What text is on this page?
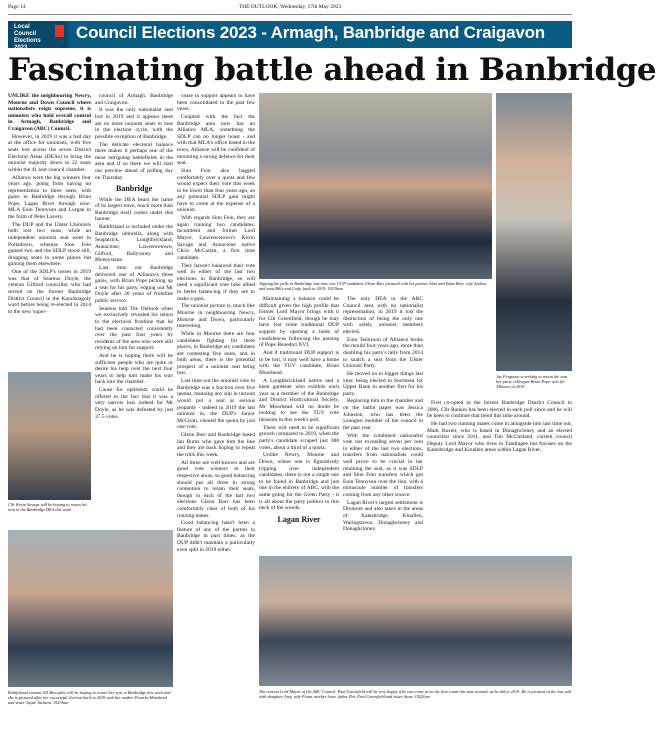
Page 14	THE OUTLOOK, Wednesday, 17th May 2023
Local
Council
Elections
2023
Council Elections 2023 - Armagh, Banbridge and Craigavon
Fascinating battle ahead in Banbridge

UNLIKE the neighbouring Newry, Mourne and Down Council where nationalists reign supreme, it is unionists who hold overall control in Armagh, Banbridge and Craigavon (ABC) Council.

However, in 2019 it was a bad day at the office for unionists, with five seats lost across the seven District Electoral Areas (DEAs) to bring the unionist majority down to 22 seats within the 41 seat council chamber.

Alliance were the big winners four years ago, going from having no representation to three seats, with gains in Banbridge through Brian Pope, Lagan River through now-MLA Eoin Tennyson and Lurgan in the form of Peter Lavery.

The DUP and the Ulster Unionists both lost two seats, while an independent unionist seat went in Portadown, whereas Sinn Fein gained two and the SDLP stood still, dropping seats in some places but gaining them elsewhere.

One of the SDLP's losses in 2019 was that of Seamus Doyle, the veteran Gilford councillor who had served on the former Banbridge District Council in the Knocknagoly ward before being re-elected in 2014 to the new 'super-

Cllr Kevin Savage will be hoping to retain his seat in the Banbridge DEA this week

council of Armagh, Banbridge and Craigavon.

It was the only nationalist seat lost in 2019 and it appears there are no more unionist seats to lose in the election cycle, with the possible exception of Banbridge.

The delicate electoral balance there makes it perhaps one of the most intriguing battlefields in the area and if so there we will start our preview ahead of polling day on Thursday.

Banbridge

While the DEA bears the name of its largest town, much more than Banbridge itself comes under this banner.

Rathfriland is included under the Banbridge umbrella, along with Seapatrick, Loughbrickland, Annaclone, Lawrencetown, Gilford, Ballyroney and Moneyslane.

Last time out Banbridge delivered one of Alliance's three gains, with Brian Pope picking up a seat for his party, edging out Mr Doyle after 30 years of frontline public service.

Seamus told The Outlook when we exclusively revealed his return to the electoral frontline that he had been contacted consistently over the past four years by residents of the area who were still relying on him for support.

And he is hoping there will be sufficient people who are quite or desire his help over the next four years to help him make his way back into the chamber.

Cause for optimism could be offered in the fact that it was a very narrow loss indeed for Mr Doyle, as he was defeated by just 37.5 votes.

Rathfriland woman Jill Macauley will be hoping to return her seat in Banbridge this week and she is pictured after her successful election back in 2019 with her mother Pamela Morehead and sister Jayne Jackson. 1923hsm

cease in support appears to have been consolidated in the past few years.

Coupled with the fact the Banbridge area now has an Alliance MLA, something the SDLP can no longer boast - and with that MLA's office based in the town, Alliance will be confident of mounting a strong defence for their seat.

Sinn Fein also bagged comfortably over a quota and few would expect their vote this week to be lower than four years ago, so any potential SDLP gain might have to come at the expense of a unionist.

With regards Sinn Fein, they are again running two candidates; incumbent and former Lord Mayor, Lawrencetown's Kevin Savage and Annaclone native Chris McCartan, a first time candidate.

They haven't balanced their vote well in either of the last two elections in Banbridge, so will need a significant vote hike allied to better balancing if they are to make a gain.

The unionist picture is, much like Mourne in neighbouring Newry, Mourne and Down, particularly interesting.

While in Mourne there are four candidates fighting for three places, in Banbridge six candidates are contesting five seats, and in both areas, there is the potential prospect of a unionist seat being lost.

Last time out the unionist vote in Banbridge was a fraction over five quotas, meaning any slip in turnout would put a seat at serious jeopardy - indeed in 2019 the last unionist in, the DUP's Junior McCrum, cleared the quota by just one vote.

Glenn Barr and Banbridge based Ian Burns who gave him the line and they are back hoping to repeat the trick this week.

All three are well-known and are good vote winners in their respective areas, so good balancing should put all three in strong contention to retain their seats, though in each of the last two elections Glenn Barr has been comfortably clear of both of his running mates.

Good balancing hasn't been a feature of any of the parties in Banbridge in past times, as the DUP didn't maintain a particularly even split in 2019 either.

Topping the polls in Banbridge last time was UUP candidate Glenn Barr pictured with his parents Alan and Edna Barr, wife Andrea and sons Billy and Cody, back in 2019. 1923hsm

Maintaining a balance could be difficult given the high profile that former Lord Mayor brings with it for Cllr Greenfield, though he may have lost some traditional DUP support by opening a book of condolences following the passing of Pope Benedict XVI.

And if traditional DUP support is to be lost, it may well have a home with the TUV candidate, Brian Moorhead.

A Loughbrickland native and a keen gardener who exhibits each year as a member of the Banbridge and District Horticultural Society, Mr Moorhead will no doubt be looking to see the TUV vote blossom in this week's poll.

There will need to be significant growth compared to 2019, when the party's candidate scraped just 388 votes, about a third of a quota.

Unlike Newry, Mourne and Down, where one is figuratively tripping over independent candidates, there is not a single one to be found in Banbridge and just one in the entirety of ABC, with the same going for the Green Party - it is all about the party politics in this neck of the woods.

Lagan River

The only DEA in the ABC Council area with no nationalist representation, in 2019 it lost the distinction of being the only one with solely unionist members elected.

Eoin Tennyson of Alliance broke the mould four years ago, more than doubling his party's tally from 2014 to snatch a seat from the Ulster Unionist Party.

He moved on to bigger things last year, being elected to Stormont for Upper Bann in another first for his party.

Replacing him in the chamber and on the ballot paper was Jessica Johnston, who has been the youngest member of the council in the past year.

With the combined nationalist vote not exceeding seven per cent in either of the last two elections, transfers from nationalists could well prove to be crucial in her retaining the seat, as it was SDLP and Sinn Fein transfers which got Eoin Tennyson over the line, with a minuscule number of transfers coming from any other source.

Lagan River's largest settlement is Dromore and also takes in the areas of Katesbridge, Kinallen, Waringstown, Donaghcloney and Donaghcloney.

Jay Ferguson is seeking to retain the seat her party colleague Brian Pope won for Alliance in 2019

First co-opted to the former Banbridge District Council in 2006, Cllr Rankin has been elected in each poll since and he will be keen to continue that trend this time around.

He had two running mates come in alongside him last time out, Mark Baxter, who is based in Donaghcloney and an elected councillor since 2011, and Tim McClelland, current council Deputy Lord Mayor who lives in Tandragee but focuses on the Katesbridge and Kinallen areas within Lagan River.

The current Lord Mayor of the ABC Council, Paul Greenfield will be very happy if he can come in on the first count this time around, as he did in 2019. He is pictured at the last poll with daughter Amy, wife Fiona, mother Jean, father Rev. Fred Greenfield and sister Aune. 1922lam
